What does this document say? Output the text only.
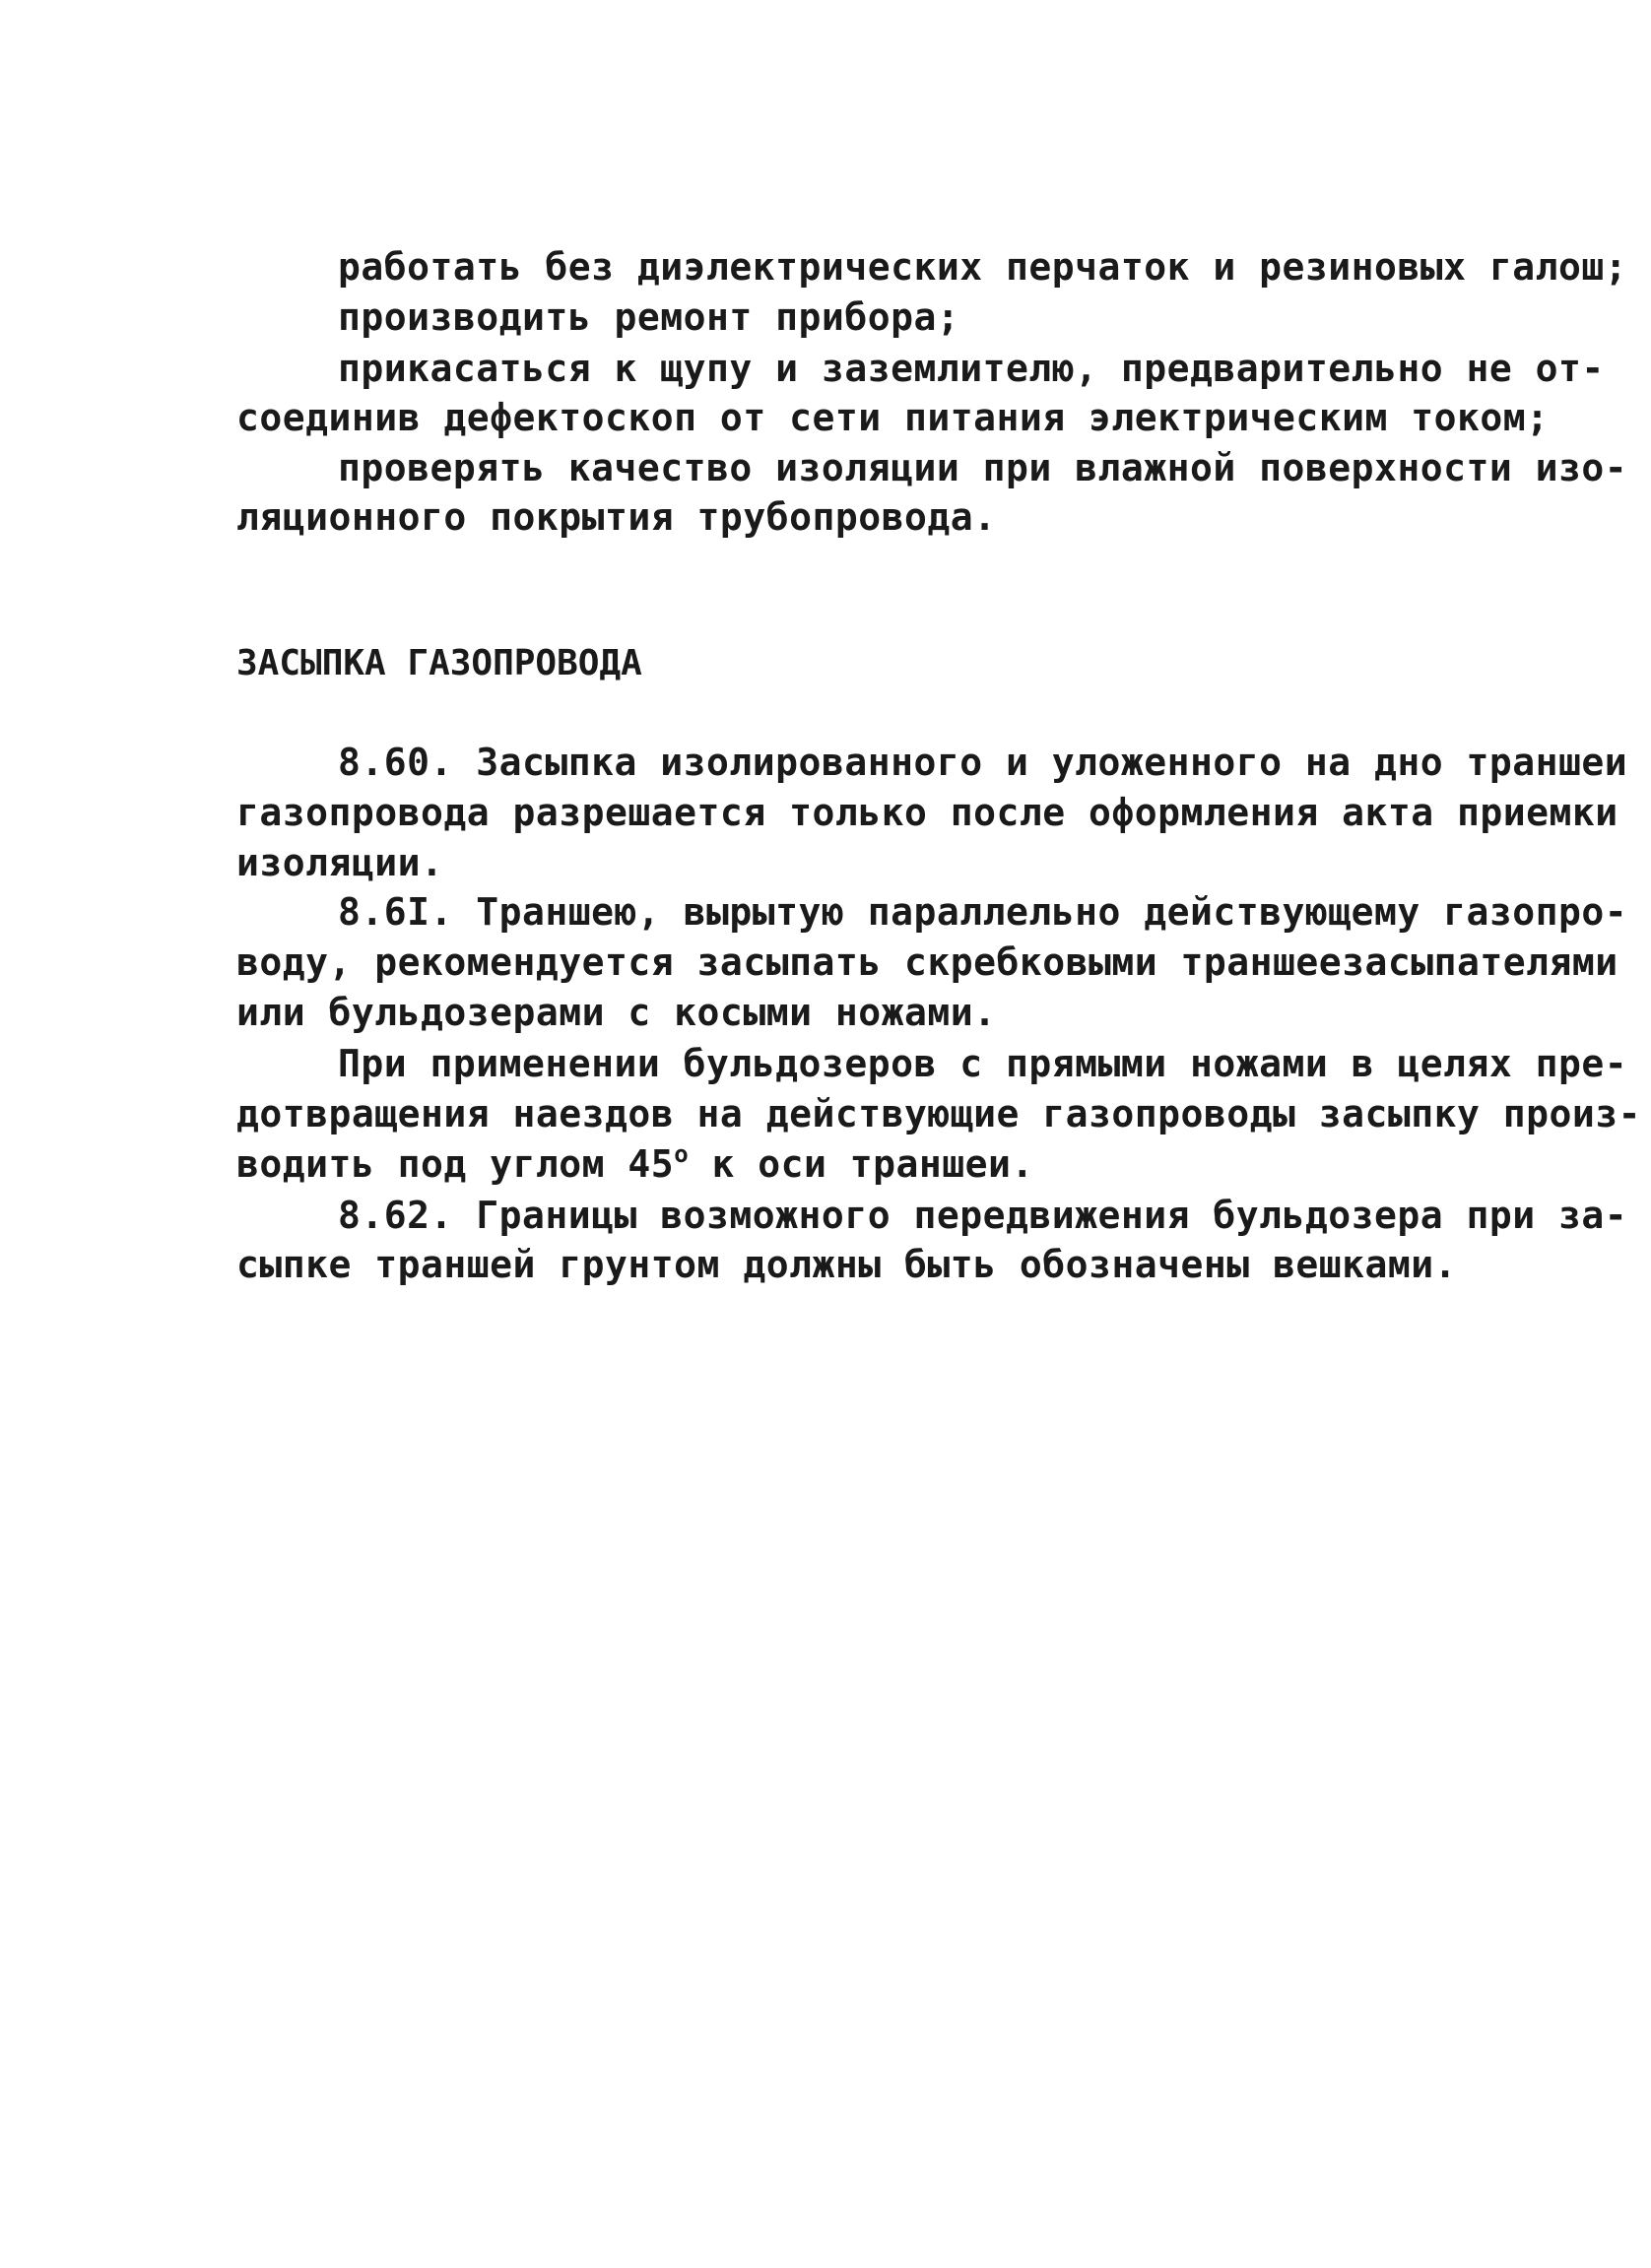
работать без диэлектрических перчаток и резиновых галош;
производить ремонт прибора;
прикасаться к щупу и заземлителю, предварительно не от-
соединив дефектоскоп от сети питания электрическим током;
проверять качество изоляции при влажной поверхности изо-
ляционного покрытия трубопровода.
ЗАСЫПКА ГАЗОПРОВОДА
8.60. Засыпка изолированного и уложенного на дно траншеи
газопровода разрешается только после оформления акта приемки
изоляции.
8.6I. Траншею, вырытую параллельно действующему газопро-
воду, рекомендуется засыпать скребковыми траншеезасыпателями
или бульдозерами с косыми ножами.
При применении бульдозеров с прямыми ножами в целях пре-
дотвращения наездов на действующие газопроводы засыпку произ-
водить под углом $45^о$ к оси траншеи.
8.62. Границы возможного передвижения бульдозера при за-
сыпке траншей грунтом должны быть обозначены вешками.
